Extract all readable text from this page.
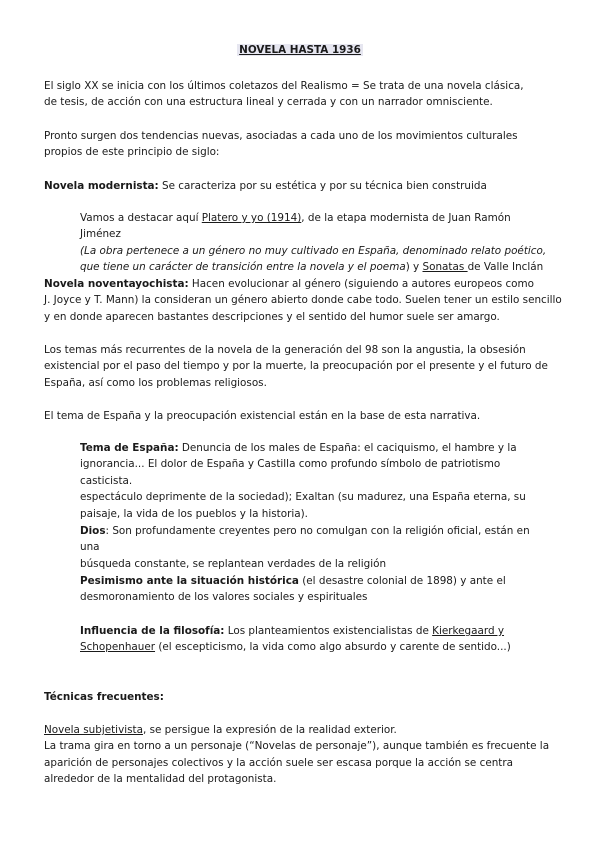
NOVELA HASTA 1936

El siglo XX se inicia con los últimos coletazos del Realismo = Se trata de una novela clásica,
de tesis, de acción con una estructura lineal y cerrada y con un narrador omnisciente.

Pronto surgen dos tendencias nuevas, asociadas a cada uno de los movimientos culturales
propios de este principio de siglo:

Novela modernista: Se caracteriza por su estética y por su técnica bien construida

Vamos a destacar aquí Platero y yo (1914), de la etapa modernista de Juan Ramón Jiménez
(La obra pertenece a un género no muy cultivado en España, denominado relato poético,
que tiene un carácter de transición entre la novela y el poema) y Sonatas de Valle Inclán

Novela noventayochista: Hacen evolucionar al género (siguiendo a autores europeos como
J. Joyce y T. Mann) la consideran un género abierto donde cabe todo. Suelen tener un estilo sencillo
y en donde aparecen bastantes descripciones y el sentido del humor suele ser amargo.

Los temas más recurrentes de la novela de la generación del 98 son la angustia, la obsesión
existencial por el paso del tiempo y por la muerte, la preocupación por el presente y el futuro de
España, así como los problemas religiosos.

El tema de España y la preocupación existencial están en la base de esta narrativa.

Tema de España: Denuncia de los males de España: el caciquismo, el hambre y la
ignorancia... El dolor de España y Castilla como profundo símbolo de patriotismo casticista.
espectáculo deprimente de la sociedad); Exaltan (su madurez, una España eterna, su
paisaje, la vida de los pueblos y la historia).

Dios: Son profundamente creyentes pero no comulgan con la religión oficial, están en una
búsqueda constante, se replantean verdades de la religión

Pesimismo ante la situación histórica (el desastre colonial de 1898) y ante el
desmoronamiento de los valores sociales y espirituales

Influencia de la filosofía: Los planteamientos existencialistas de Kierkegaard y
Schopenhauer (el escepticismo, la vida como algo absurdo y carente de sentido...)

Técnicas frecuentes:

Novela subjetivista, se persigue la expresión de la realidad exterior.
La trama gira en torno a un personaje (“Novelas de personaje”), aunque también es frecuente la
aparición de personajes colectivos y la acción suele ser escasa porque la acción se centra
alrededor de la mentalidad del protagonista.
